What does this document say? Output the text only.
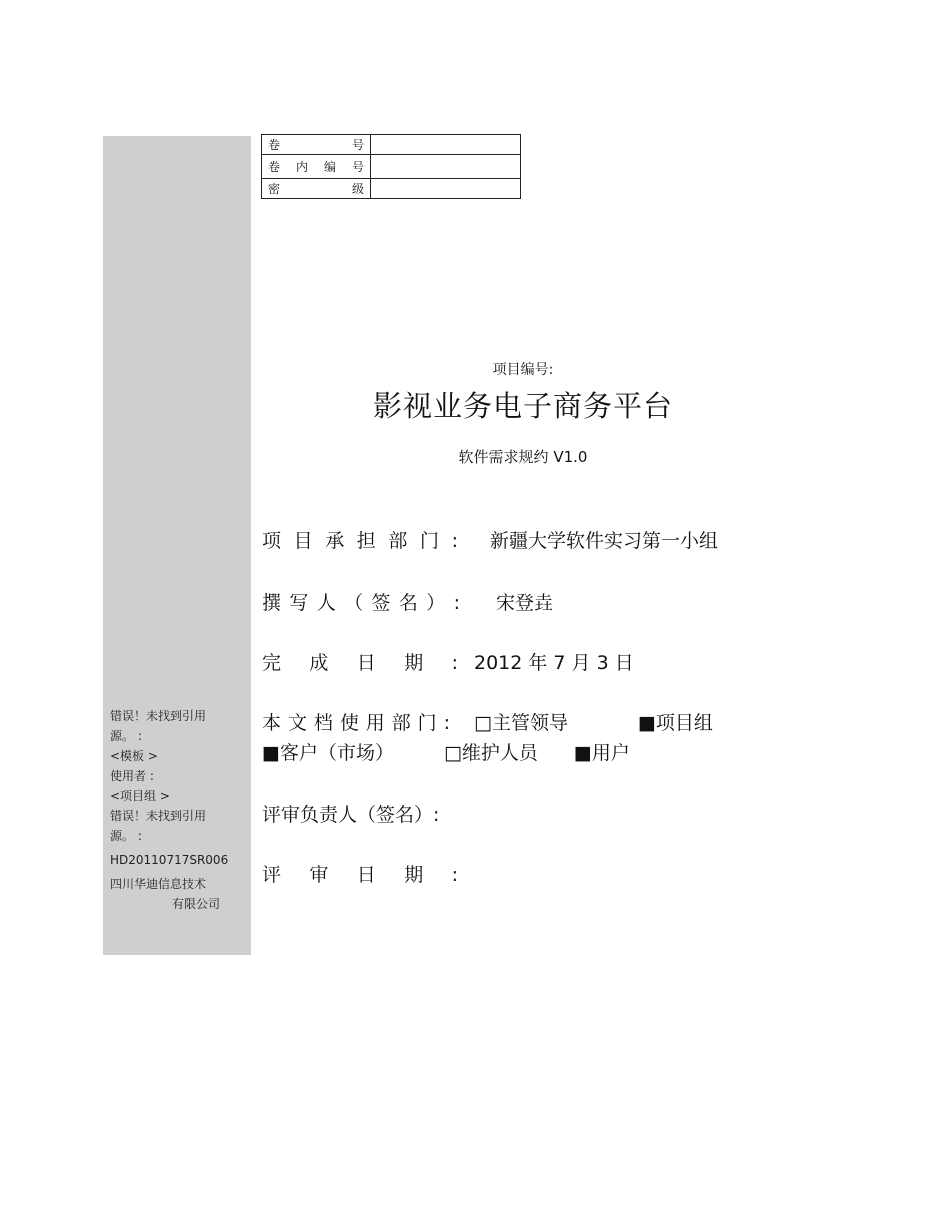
卷号	
卷内编号	
密级	
项目编号:
影视业务电子商务平台
软件需求规约 V1.0
项目承担部门: 新疆大学软件实习第一小组
撰写人（签名）: 宋登垚
完成日期: 2012 年 7 月 3 日
本文档使用部门: □主管领导	■项目组
■客户（市场）	□维护人员 ■用户
评审负责人（签名）:
评审日期:
错误！未找到引用
源。 :
<模板 >
使用者 :
<项目组 >
错误！未找到引用
源。 :
HD20110717SR006
四川华迪信息技术
有限公司
